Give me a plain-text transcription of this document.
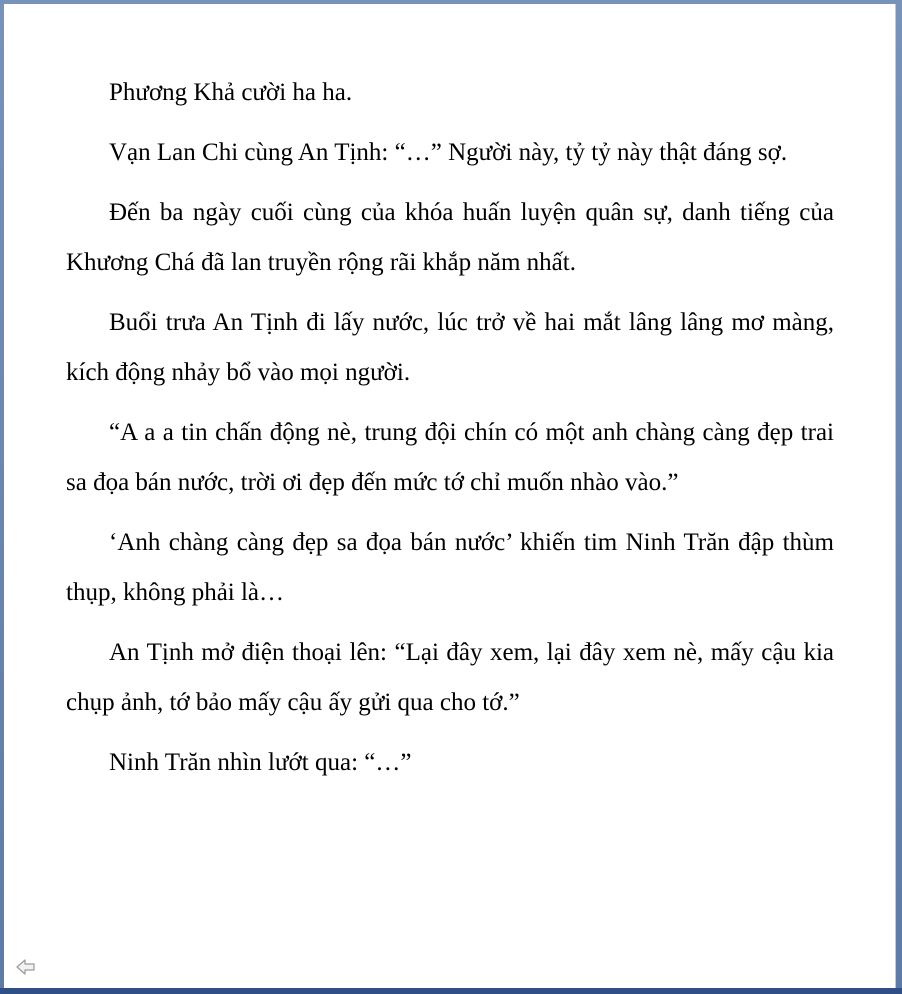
Phương Khả cười ha ha.

Vạn Lan Chi cùng An Tịnh: “…” Người này, tỷ tỷ này thật đáng sợ.

Đến ba ngày cuối cùng của khóa huấn luyện quân sự, danh tiếng của Khương Chá đã lan truyền rộng rãi khắp năm nhất.

Buổi trưa An Tịnh đi lấy nước, lúc trở về hai mắt lâng lâng mơ màng, kích động nhảy bổ vào mọi người.

“A a a tin chấn động nè, trung đội chín có một anh chàng càng đẹp trai sa đọa bán nước, trời ơi đẹp đến mức tớ chỉ muốn nhào vào.”

‘Anh chàng càng đẹp sa đọa bán nước’ khiến tim Ninh Trăn đập thùm thụp, không phải là…

An Tịnh mở điện thoại lên: “Lại đây xem, lại đây xem nè, mấy cậu kia chụp ảnh, tớ bảo mấy cậu ấy gửi qua cho tớ.”

Ninh Trăn nhìn lướt qua: “…”
